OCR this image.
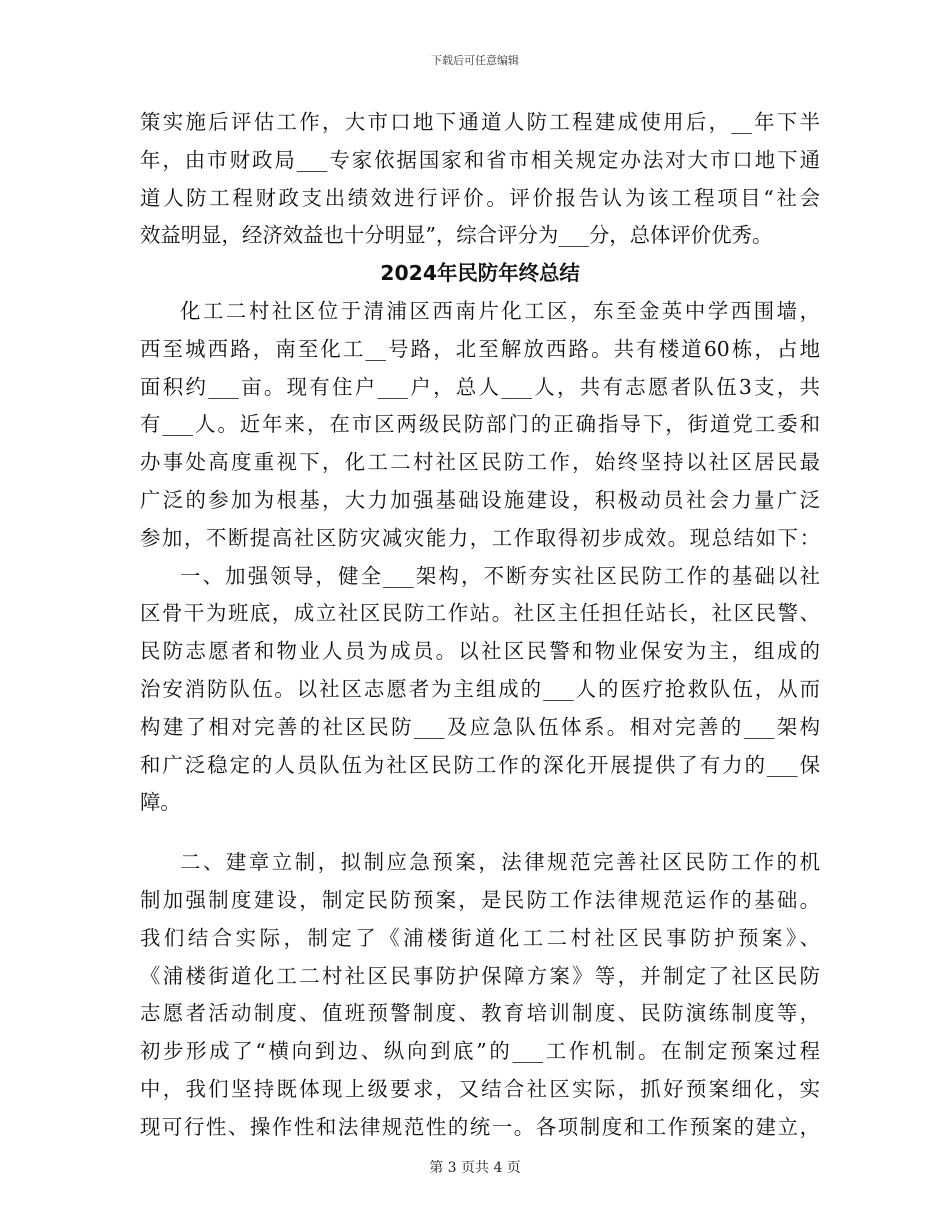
下载后可任意编辑
策实施后评估工作，大市口地下通道人防工程建成使用后，__年下半
年，由市财政局___专家依据国家和省市相关规定办法对大市口地下通
道人防工程财政支出绩效进行评价。评价报告认为该工程项目“社会
效益明显，经济效益也十分明显”，综合评分为___分，总体评价优秀。
2024年民防年终总结
化工二村社区位于清浦区西南片化工区，东至金英中学西围墙，
西至城西路，南至化工__号路，北至解放西路。共有楼道60栋，占地
面积约___亩。现有住户___户，总人___人，共有志愿者队伍3支，共
有___人。近年来，在市区两级民防部门的正确指导下，街道党工委和
办事处高度重视下，化工二村社区民防工作，始终坚持以社区居民最
广泛的参加为根基，大力加强基础设施建设，积极动员社会力量广泛
参加，不断提高社区防灾减灾能力，工作取得初步成效。现总结如下：
一、加强领导，健全___架构，不断夯实社区民防工作的基础以社
区骨干为班底，成立社区民防工作站。社区主任担任站长，社区民警、
民防志愿者和物业人员为成员。以社区民警和物业保安为主，组成的
治安消防队伍。以社区志愿者为主组成的___人的医疗抢救队伍，从而
构建了相对完善的社区民防___及应急队伍体系。相对完善的___架构
和广泛稳定的人员队伍为社区民防工作的深化开展提供了有力的___保
障。
二、建章立制，拟制应急预案，法律规范完善社区民防工作的机
制加强制度建设，制定民防预案，是民防工作法律规范运作的基础。
我们结合实际，制定了《浦楼街道化工二村社区民事防护预案》、
《浦楼街道化工二村社区民事防护保障方案》等，并制定了社区民防
志愿者活动制度、值班预警制度、教育培训制度、民防演练制度等，
初步形成了“横向到边、纵向到底”的___工作机制。在制定预案过程
中，我们坚持既体现上级要求，又结合社区实际，抓好预案细化，实
现可行性、操作性和法律规范性的统一。各项制度和工作预案的建立，
第 3 页共 4 页
